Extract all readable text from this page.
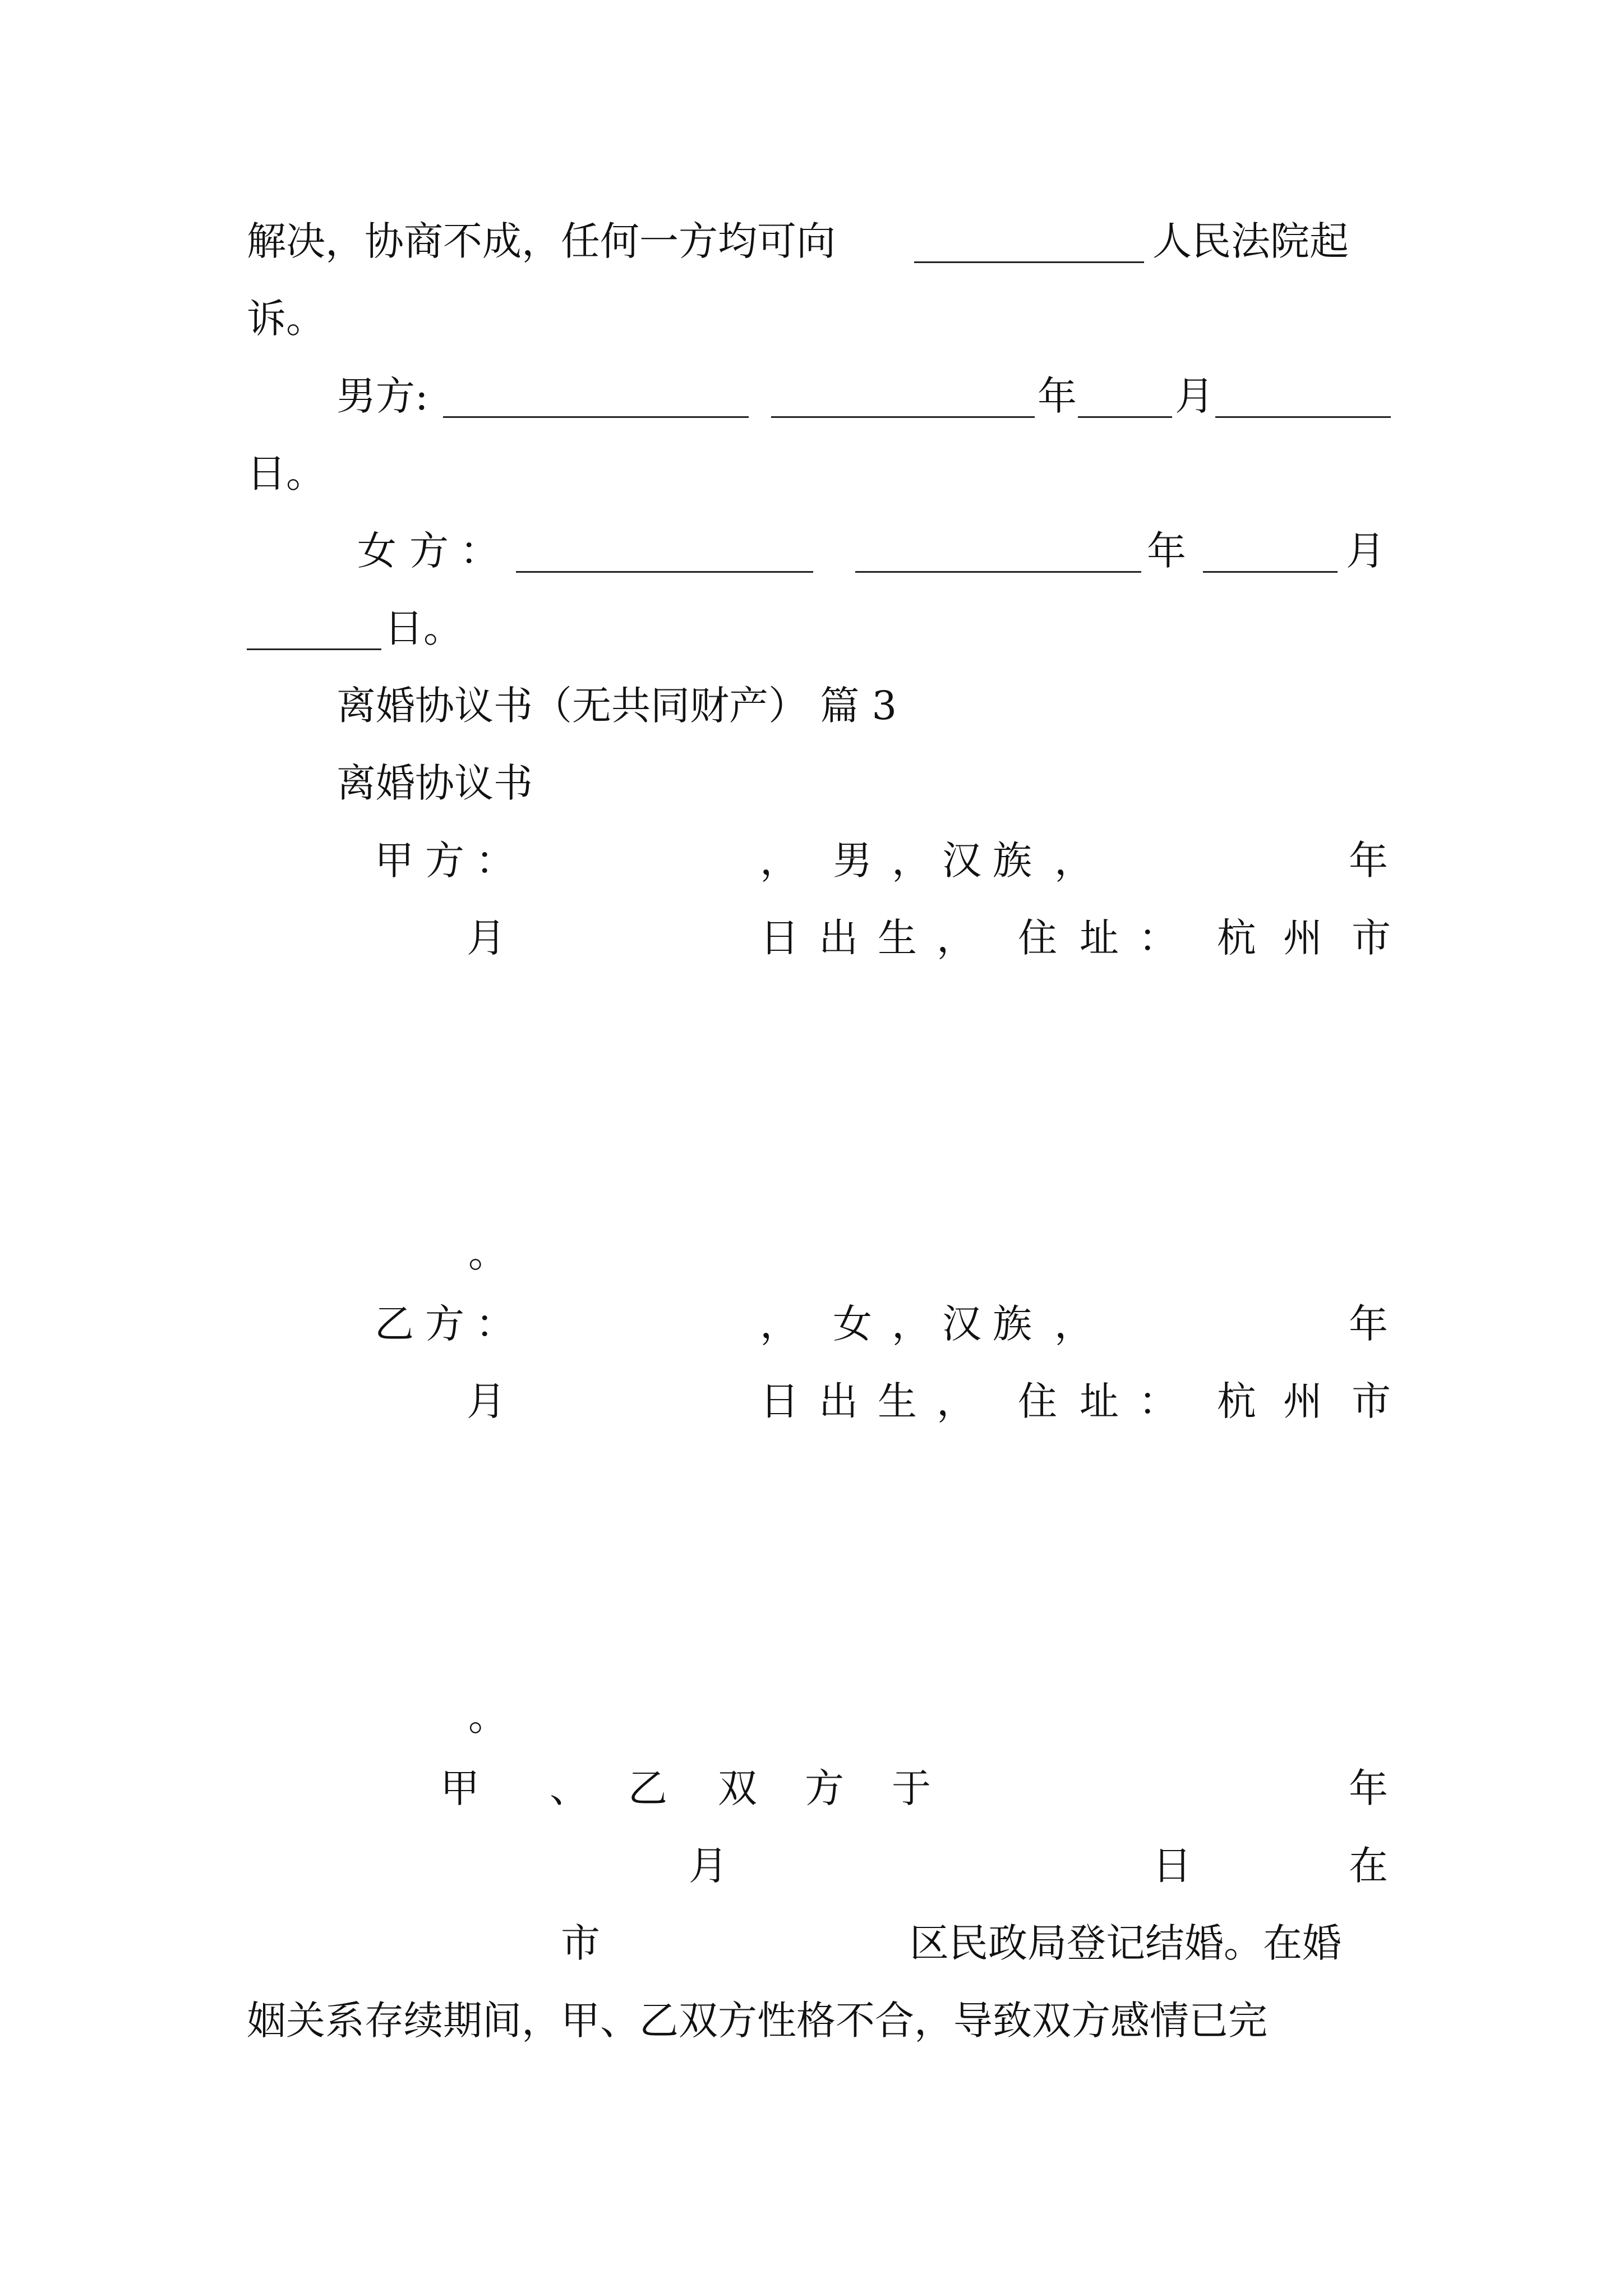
解决，协商不成，任何一方均可向	人民法院起
诉。
男方:	年	月
日。
女 方 ：	年	月
日。
离婚协议书（无共同财产） 篇 3
离婚协议书
甲 方 ：	， 男 ， 汉 族 ，	年
月	日 出 生 ， 住 址 ： 杭 州 市
。
乙 方 ：	， 女 ， 汉 族 ，	年
月	日 出 生 ， 住 址 ： 杭 州 市
。
甲 、 乙 双 方 于	年
月	日	在
市	区民政局登记结婚。在婚
姻关系存续期间，甲、乙双方性格不合，导致双方感情已完
